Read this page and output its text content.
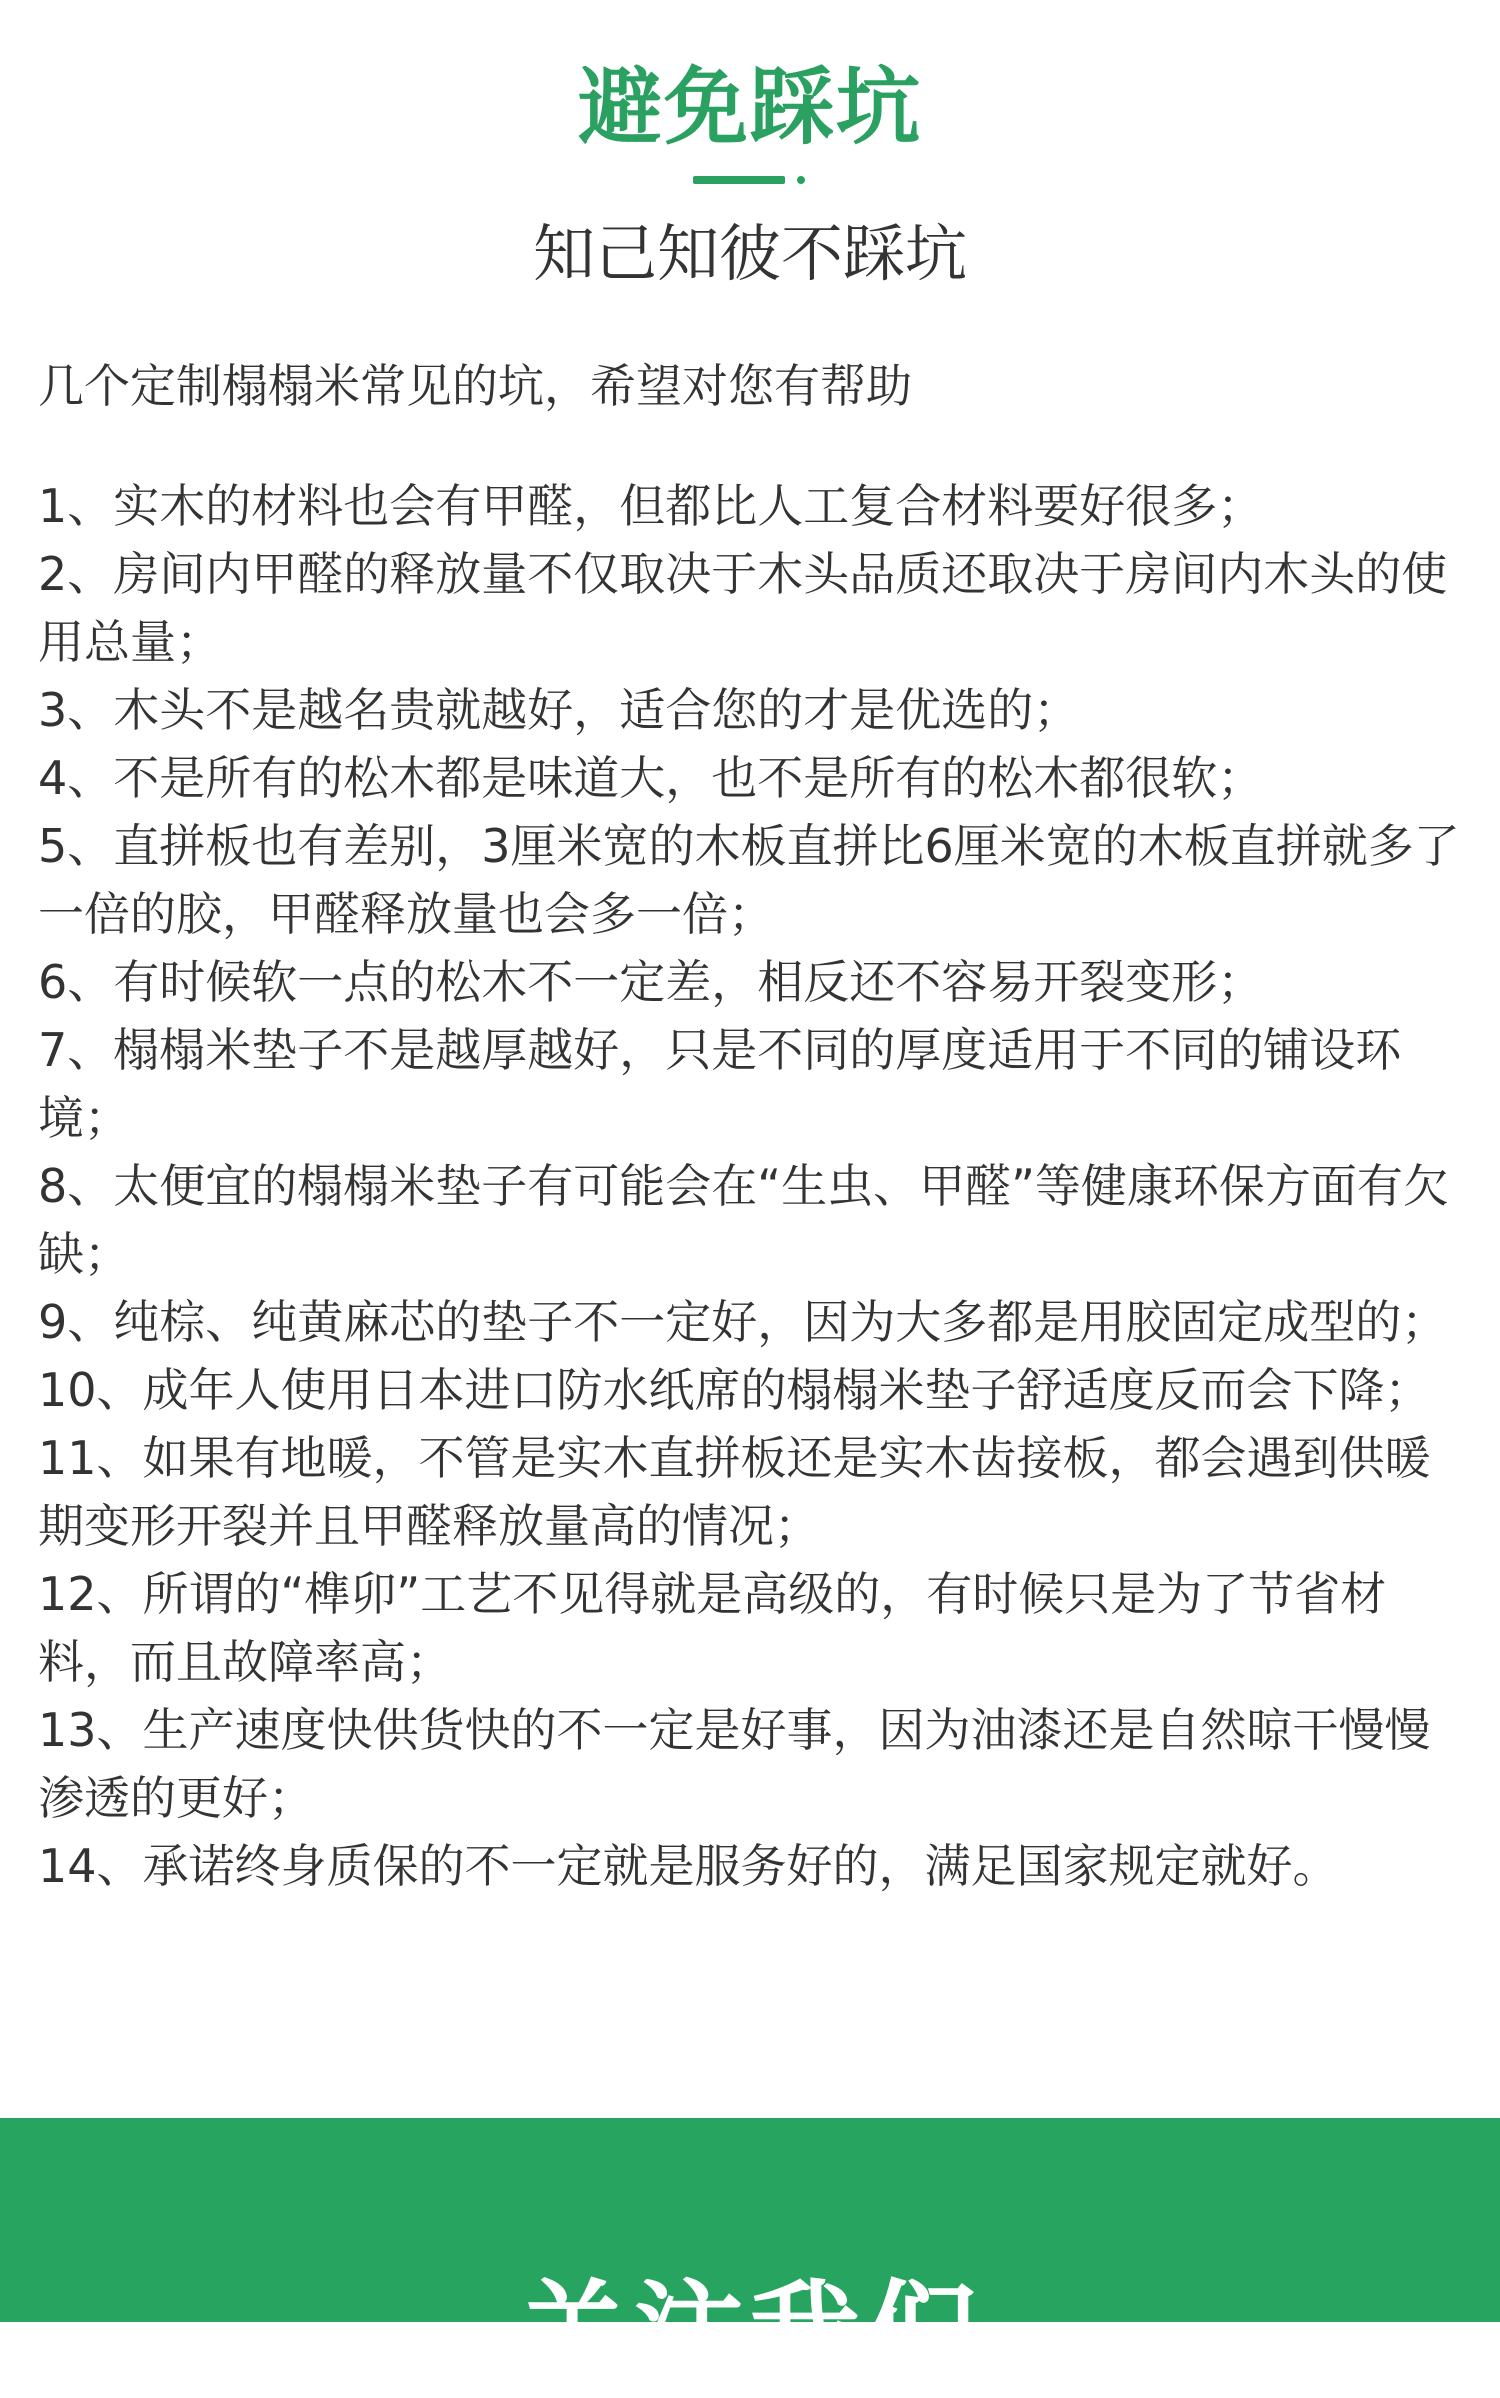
避免踩坑
知己知彼不踩坑
几个定制榻榻米常见的坑，希望对您有帮助
1、实木的材料也会有甲醛，但都比人工复合材料要好很多；
2、房间内甲醛的释放量不仅取决于木头品质还取决于房间内木头的使用总量；
3、木头不是越名贵就越好，适合您的才是优选的；
4、不是所有的松木都是味道大，也不是所有的松木都很软；
5、直拼板也有差别，3厘米宽的木板直拼比6厘米宽的木板直拼就多了一倍的胶，甲醛释放量也会多一倍；
6、有时候软一点的松木不一定差，相反还不容易开裂变形；
7、榻榻米垫子不是越厚越好，只是不同的厚度适用于不同的铺设环境；
8、太便宜的榻榻米垫子有可能会在“生虫、甲醛”等健康环保方面有欠缺；
9、纯棕、纯黄麻芯的垫子不一定好，因为大多都是用胶固定成型的；
10、成年人使用日本进口防水纸席的榻榻米垫子舒适度反而会下降；
11、如果有地暖，不管是实木直拼板还是实木齿接板，都会遇到供暖期变形开裂并且甲醛释放量高的情况；
12、所谓的“榫卯”工艺不见得就是高级的，有时候只是为了节省材料，而且故障率高；
13、生产速度快供货快的不一定是好事，因为油漆还是自然晾干慢慢渗透的更好；
14、承诺终身质保的不一定就是服务好的，满足国家规定就好。
关注我们
